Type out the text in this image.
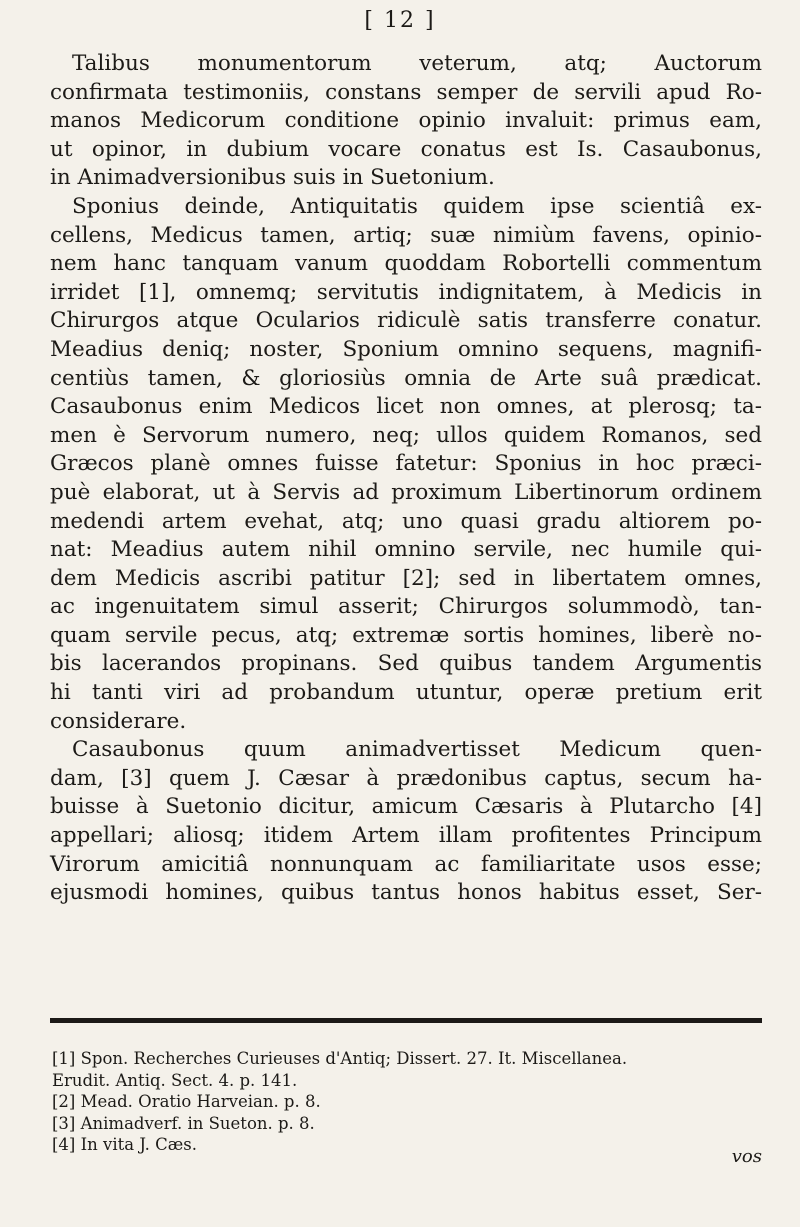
[ 12 ]
Talibus monumentorum veterum, atq; Auctorum
confirmata testimoniis, constans semper de servili apud Ro-
manos Medicorum conditione opinio invaluit: primus eam,
ut opinor, in dubium vocare conatus est Is. Casaubonus,
in Animadversionibus suis in Suetonium.
Sponius deinde, Antiquitatis quidem ipse scientiâ ex-
cellens, Medicus tamen, artiq; suæ nimiùm favens, opinio-
nem hanc tanquam vanum quoddam Robortelli commentum
irridet [1], omnemq; servitutis indignitatem, à Medicis in
Chirurgos atque Ocularios ridiculè satis transferre conatur.
Meadius deniq; noster, Sponium omnino sequens, magnifi-
centiùs tamen, & gloriosiùs omnia de Arte suâ prædicat.
Casaubonus enim Medicos licet non omnes, at plerosq; ta-
men è Servorum numero, neq; ullos quidem Romanos, sed
Græcos planè omnes fuisse fatetur: Sponius in hoc præci-
puè elaborat, ut à Servis ad proximum Libertinorum ordinem
medendi artem evehat, atq; uno quasi gradu altiorem po-
nat: Meadius autem nihil omnino servile, nec humile qui-
dem Medicis ascribi patitur [2]; sed in libertatem omnes,
ac ingenuitatem simul asserit; Chirurgos solummodò, tan-
quam servile pecus, atq; extremæ sortis homines, liberè no-
bis lacerandos propinans. Sed quibus tandem Argumentis
hi tanti viri ad probandum utuntur, operæ pretium erit
considerare.
Casaubonus quum animadvertisset Medicum quen-
dam, [3] quem J. Cæsar à prædonibus captus, secum ha-
buisse à Suetonio dicitur, amicum Cæsaris à Plutarcho [4]
appellari; aliosq; itidem Artem illam profitentes Principum
Virorum amicitiâ nonnunquam ac familiaritate usos esse;
ejusmodi homines, quibus tantus honos habitus esset, Ser-
[1] Spon. Recherches Curieuses d'Antiq; Dissert. 27. It. Miscellanea.
Erudit. Antiq. Sect. 4. p. 141.
[2] Mead. Oratio Harveian. p. 8.
[3] Animadverf. in Sueton. p. 8.
[4] In vita J. Cæs.
vos
